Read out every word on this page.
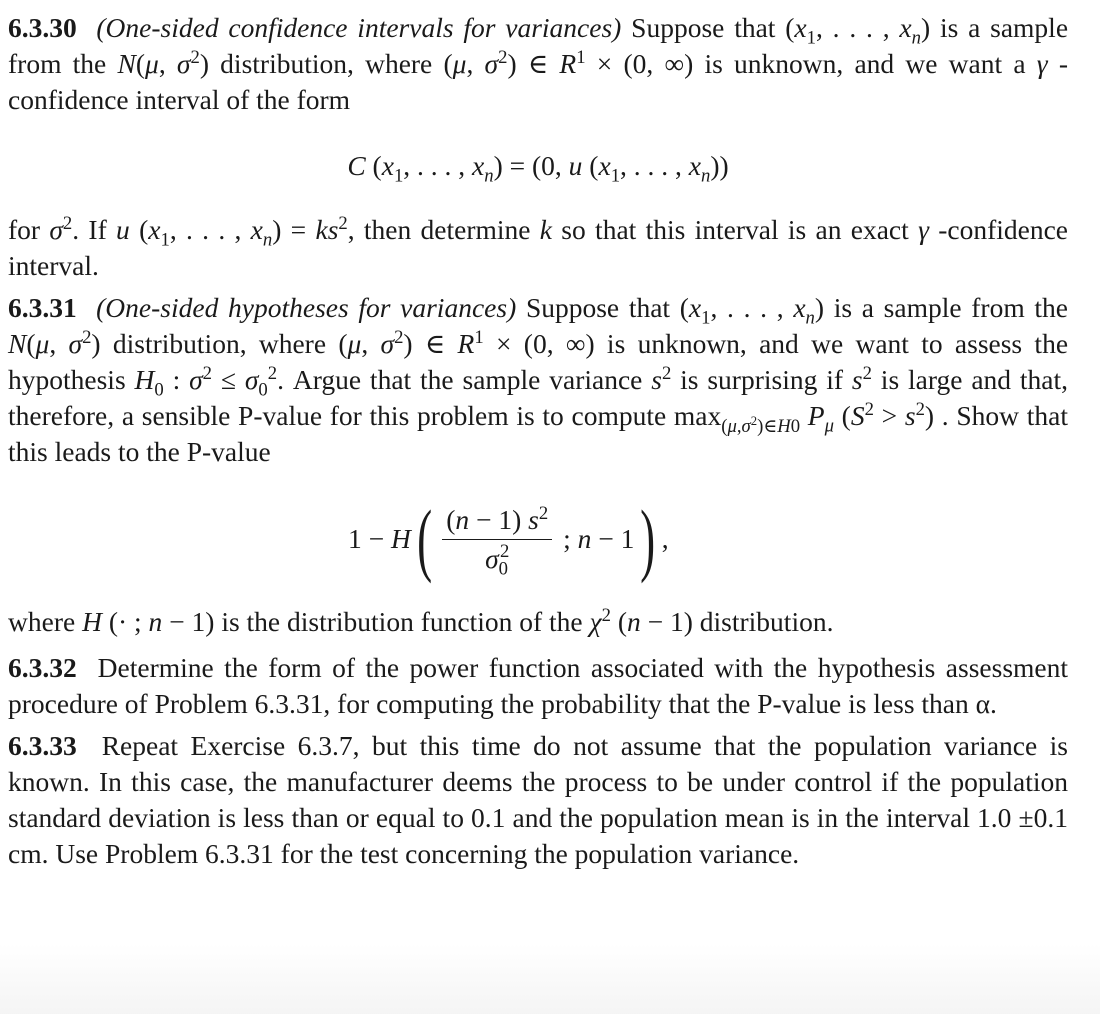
6.3.30 (One-sided confidence intervals for variances) Suppose that ($x_1$, . . . , $x_n$) is a sample from the N(μ, $\sigma^2$) distribution, where (μ, $\sigma^2$) ∈ $R^1 \times (0$, ∞) is unknown, and we want a γ -confidence interval of the form

C ($x_1$, . . . , $x_n) = (0$, u ($x_1$, . . . , $x_n$))

for $\sigma^2$. If u ($x_1$, . . . , $x_n) = ks^2$, then determine k so that this interval is an exact γ -confidence interval.

6.3.31 (One-sided hypotheses for variances) Suppose that ($x_1$, . . . , $x_n$) is a sample from the N(μ, $\sigma^2$) distribution, where (μ, $\sigma^2$) ∈ $R^1 \times (0$, ∞) is unknown, and we want to assess the hypothesis $H_0$ : $\sigma^2 \le \sigma_0^2$. Argue that the sample variance $s^2$ is surprising if $s^2$ is large and that, therefore, a sensible P-value for this problem is to compute $\max_{(\mu,\sigma^2)\in H0} P_\mu$ $(S^2 > s^2)$ . Show that this leads to the P-value

1 − H ( $\frac{(n - 1) s^2}{\sigma_0^2}$ ; n − 1 ) ,

where H (· ; n − 1) is the distribution function of the $\chi^2$ (n − 1) distribution.

6.3.32 Determine the form of the power function associated with the hypothesis assessment procedure of Problem 6.3.31, for computing the probability that the P-value is less than α.

6.3.33 Repeat Exercise 6.3.7, but this time do not assume that the population variance is known. In this case, the manufacturer deems the process to be under control if the population standard deviation is less than or equal to 0.1 and the population mean is in the interval 1.0 ±0.1 cm. Use Problem 6.3.31 for the test concerning the population variance.
